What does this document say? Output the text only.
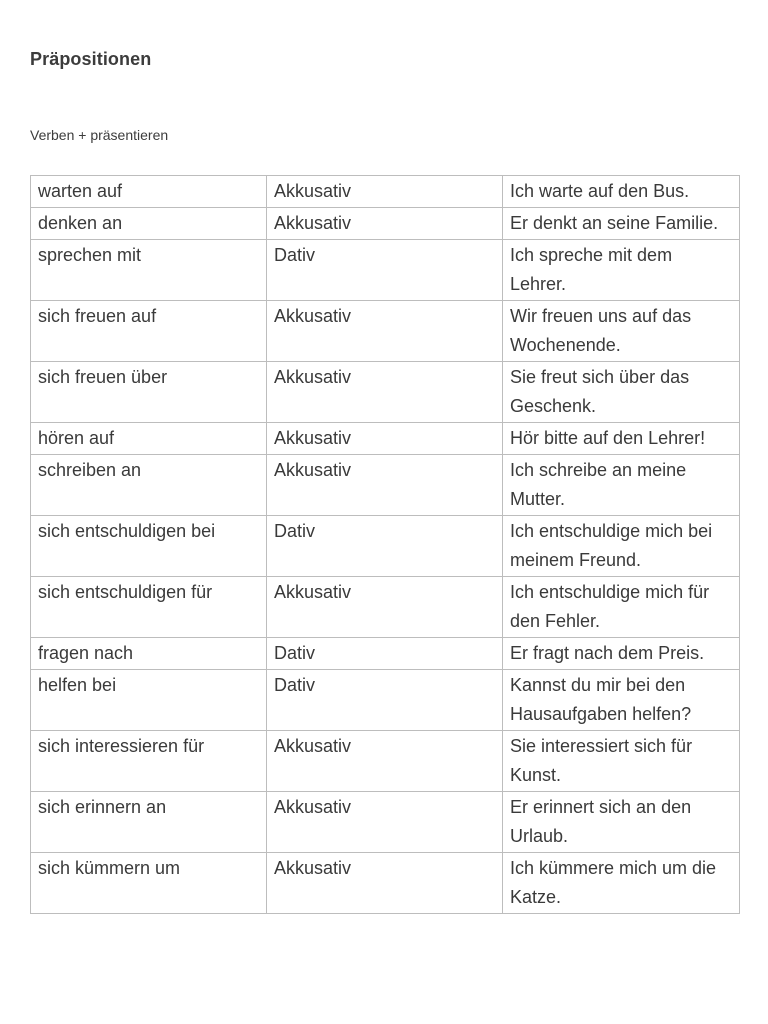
Präpositionen
Verben + präsentieren
warten auf	Akkusativ	Ich warte auf den Bus.
denken an	Akkusativ	Er denkt an seine Familie.
sprechen mit	Dativ	Ich spreche mit dem Lehrer.
sich freuen auf	Akkusativ	Wir freuen uns auf das Wochenende.
sich freuen über	Akkusativ	Sie freut sich über das Geschenk.
hören auf	Akkusativ	Hör bitte auf den Lehrer!
schreiben an	Akkusativ	Ich schreibe an meine Mutter.
sich entschuldigen bei	Dativ	Ich entschuldige mich bei meinem Freund.
sich entschuldigen für	Akkusativ	Ich entschuldige mich für den Fehler.
fragen nach	Dativ	Er fragt nach dem Preis.
helfen bei	Dativ	Kannst du mir bei den Hausaufgaben helfen?
sich interessieren für	Akkusativ	Sie interessiert sich für Kunst.
sich erinnern an	Akkusativ	Er erinnert sich an den Urlaub.
sich kümmern um	Akkusativ	Ich kümmere mich um die Katze.
